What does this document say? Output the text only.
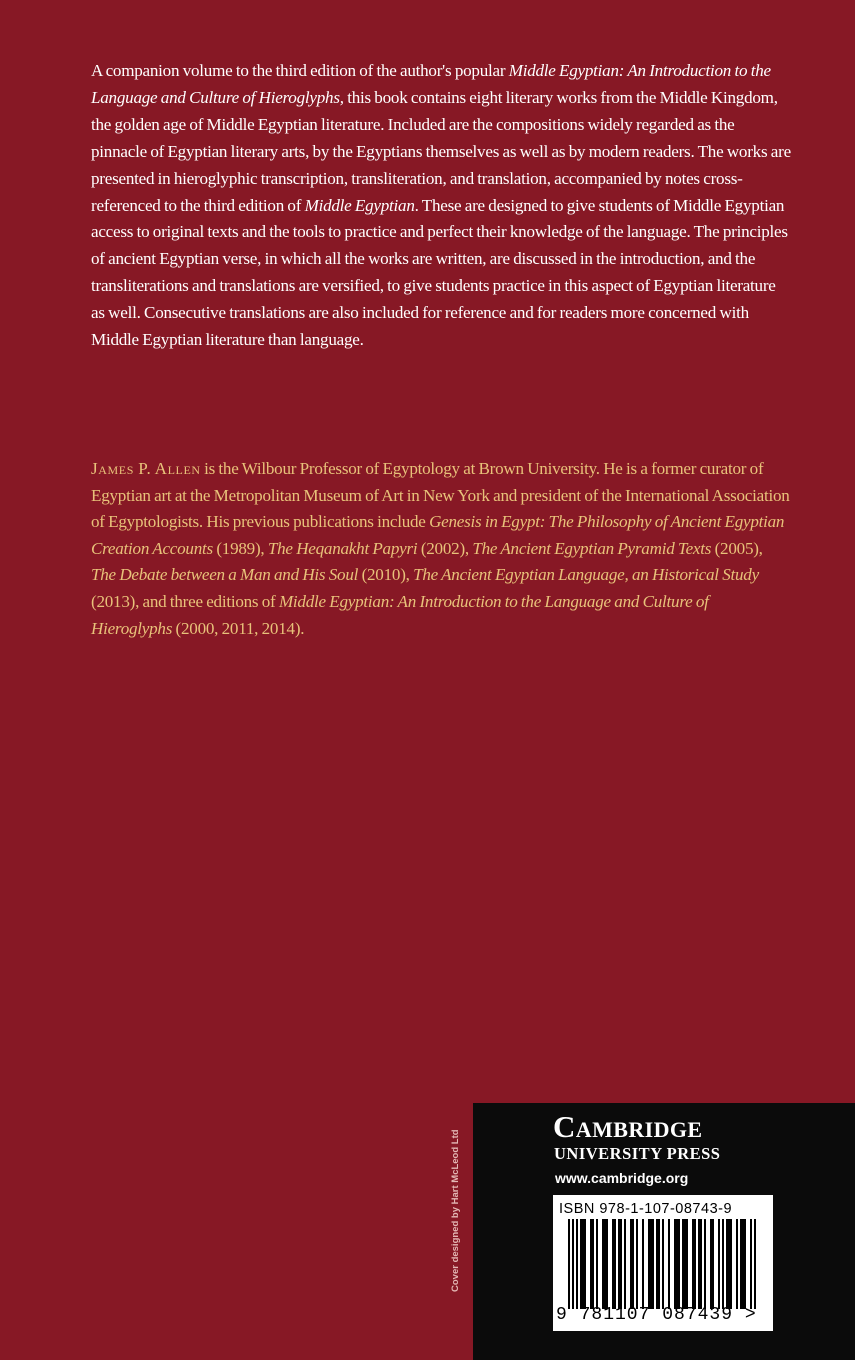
A companion volume to the third edition of the author's popular Middle Egyptian: An Introduction to the Language and Culture of Hieroglyphs, this book contains eight literary works from the Middle Kingdom, the golden age of Middle Egyptian literature. Included are the compositions widely regarded as the pinnacle of Egyptian literary arts, by the Egyptians themselves as well as by modern readers. The works are presented in hieroglyphic transcription, transliteration, and translation, accompanied by notes cross-referenced to the third edition of Middle Egyptian. These are designed to give students of Middle Egyptian access to original texts and the tools to practice and perfect their knowledge of the language. The principles of ancient Egyptian verse, in which all the works are written, are discussed in the introduction, and the transliterations and translations are versified, to give students practice in this aspect of Egyptian literature as well. Consecutive translations are also included for reference and for readers more concerned with Middle Egyptian literature than language.

James P. Allen is the Wilbour Professor of Egyptology at Brown University. He is a former curator of Egyptian art at the Metropolitan Museum of Art in New York and president of the International Association of Egyptologists. His previous publications include Genesis in Egypt: The Philosophy of Ancient Egyptian Creation Accounts (1989), The Heqanakht Papyri (2002), The Ancient Egyptian Pyramid Texts (2005), The Debate between a Man and His Soul (2010), The Ancient Egyptian Language, an Historical Study (2013), and three editions of Middle Egyptian: An Introduction to the Language and Culture of Hieroglyphs (2000, 2011, 2014).

Cover designed by Hart McLeod Ltd

Cambridge

UNIVERSITY PRESS

www.cambridge.org

ISBN 978-1-107-08743-9

9 781107 087439 >
